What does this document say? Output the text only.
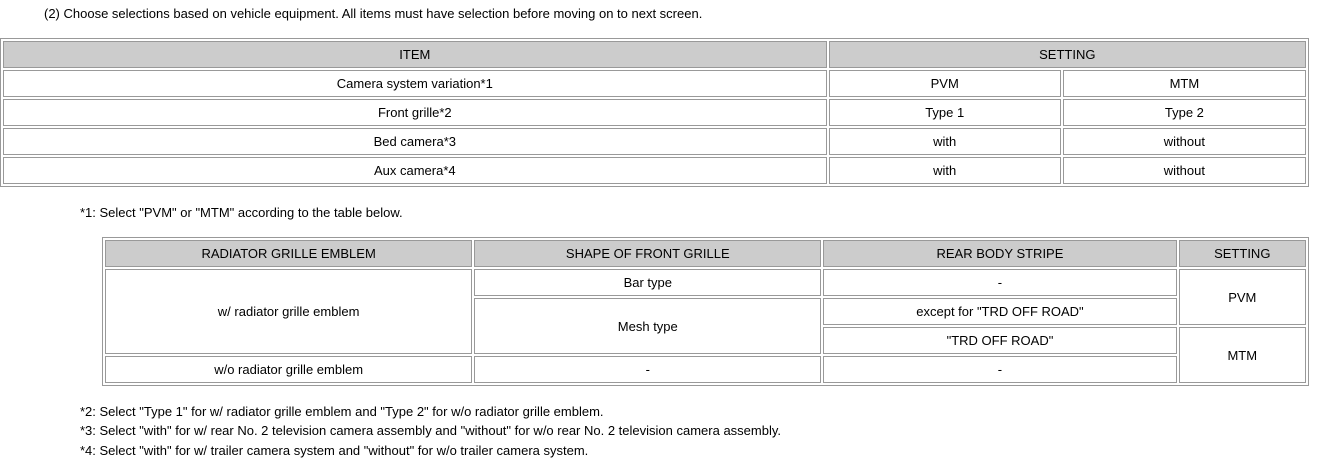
(2) Choose selections based on vehicle equipment. All items must have selection before moving on to next screen.
ITEM	SETTING	
Camera system variation*1	PVM	MTM
Front grille*2	Type 1	Type 2
Bed camera*3	with	without
Aux camera*4	with	without
*1: Select "PVM" or "MTM" according to the table below.
RADIATOR GRILLE EMBLEM	SHAPE OF FRONT GRILLE	REAR BODY STRIPE	SETTING
w/ radiator grille emblem	Bar type	-	PVM
	Mesh type	except for "TRD OFF ROAD"	
		"TRD OFF ROAD"	MTM
w/o radiator grille emblem	-	-	
*2: Select "Type 1" for w/ radiator grille emblem and "Type 2" for w/o radiator grille emblem.
*3: Select "with" for w/ rear No. 2 television camera assembly and "without" for w/o rear No. 2 television camera assembly.
*4: Select "with" for w/ trailer camera system and "without" for w/o trailer camera system.
